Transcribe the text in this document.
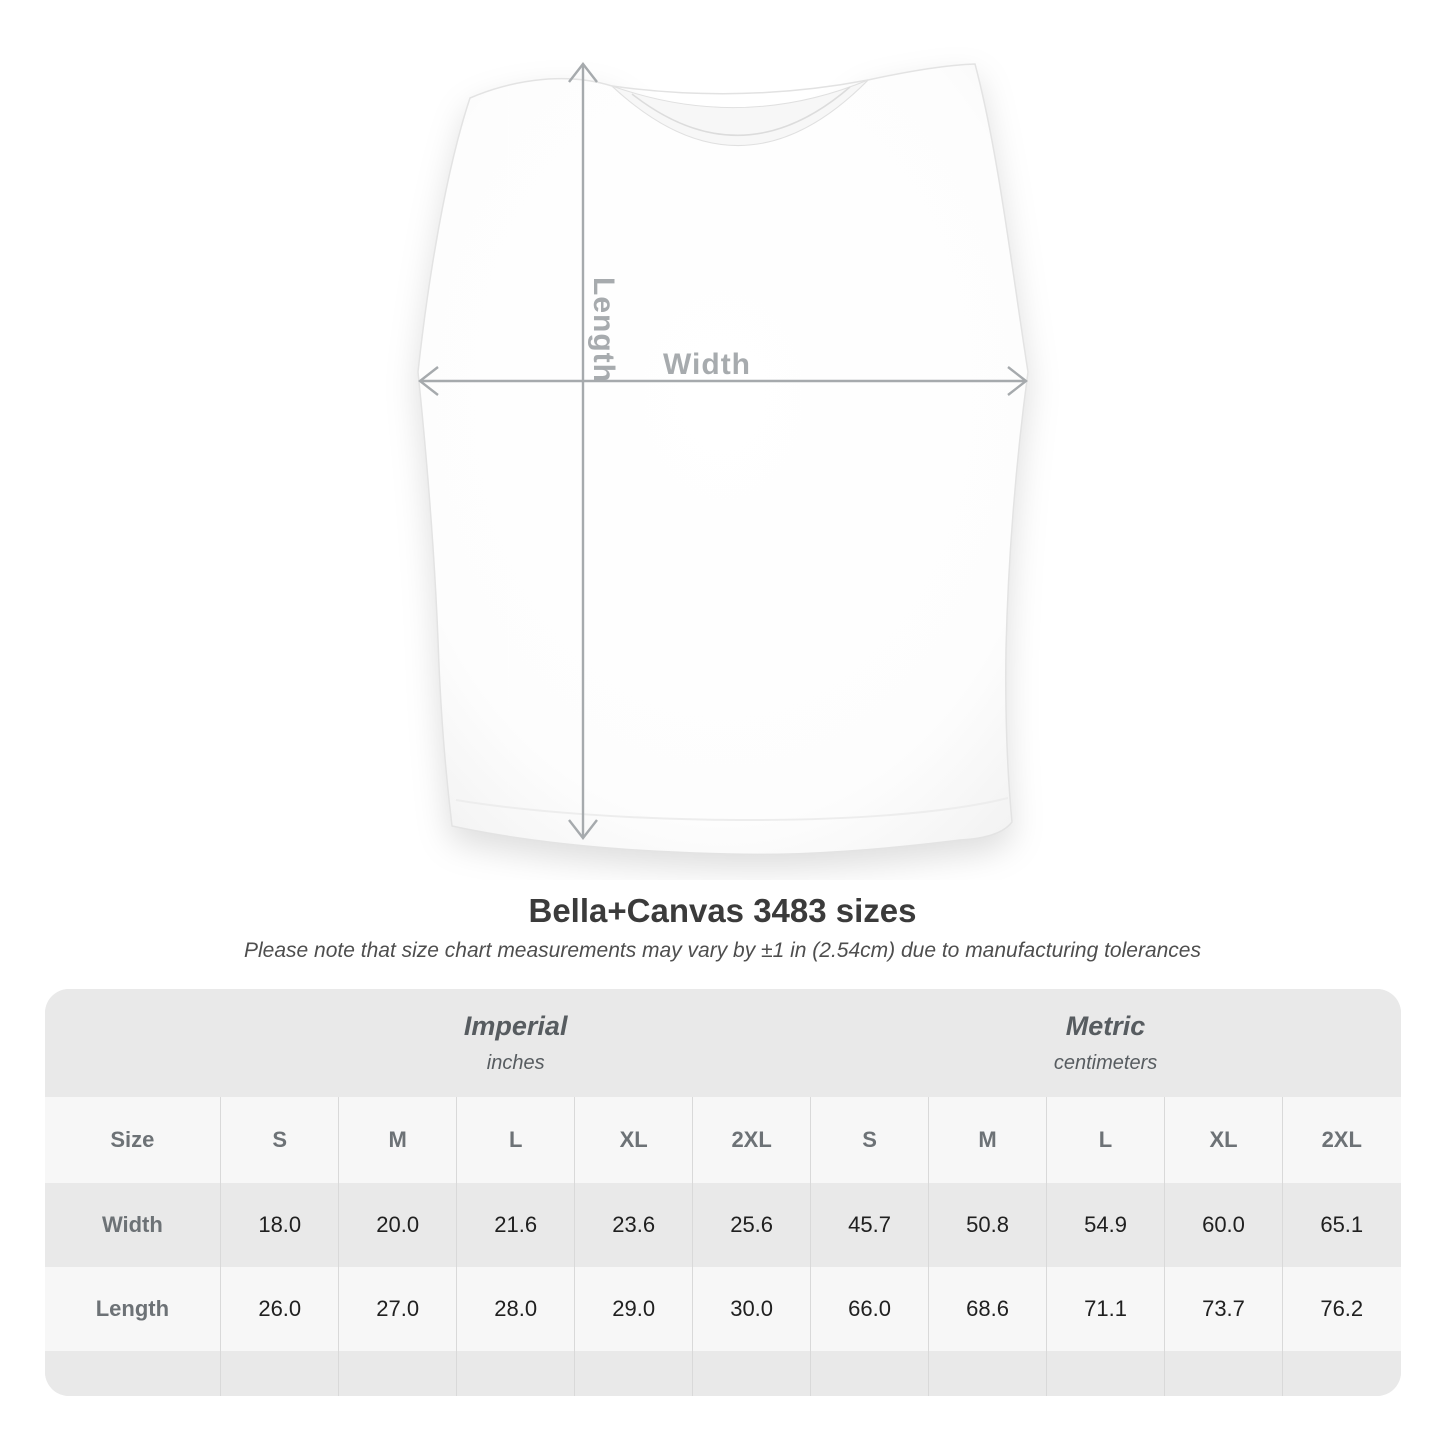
Length Width
Bella+Canvas 3483 sizes
Please note that size chart measurements may vary by ±1 in (2.54cm) due to manufacturing tolerances

Imperial
inches

Metric
centimeters

Size	S	M	L	XL	2XL	S	M	L	XL	2XL
Width	18.0	20.0	21.6	23.6	25.6	45.7	50.8	54.9	60.0	65.1
Length	26.0	27.0	28.0	29.0	30.0	66.0	68.6	71.1	73.7	76.2
